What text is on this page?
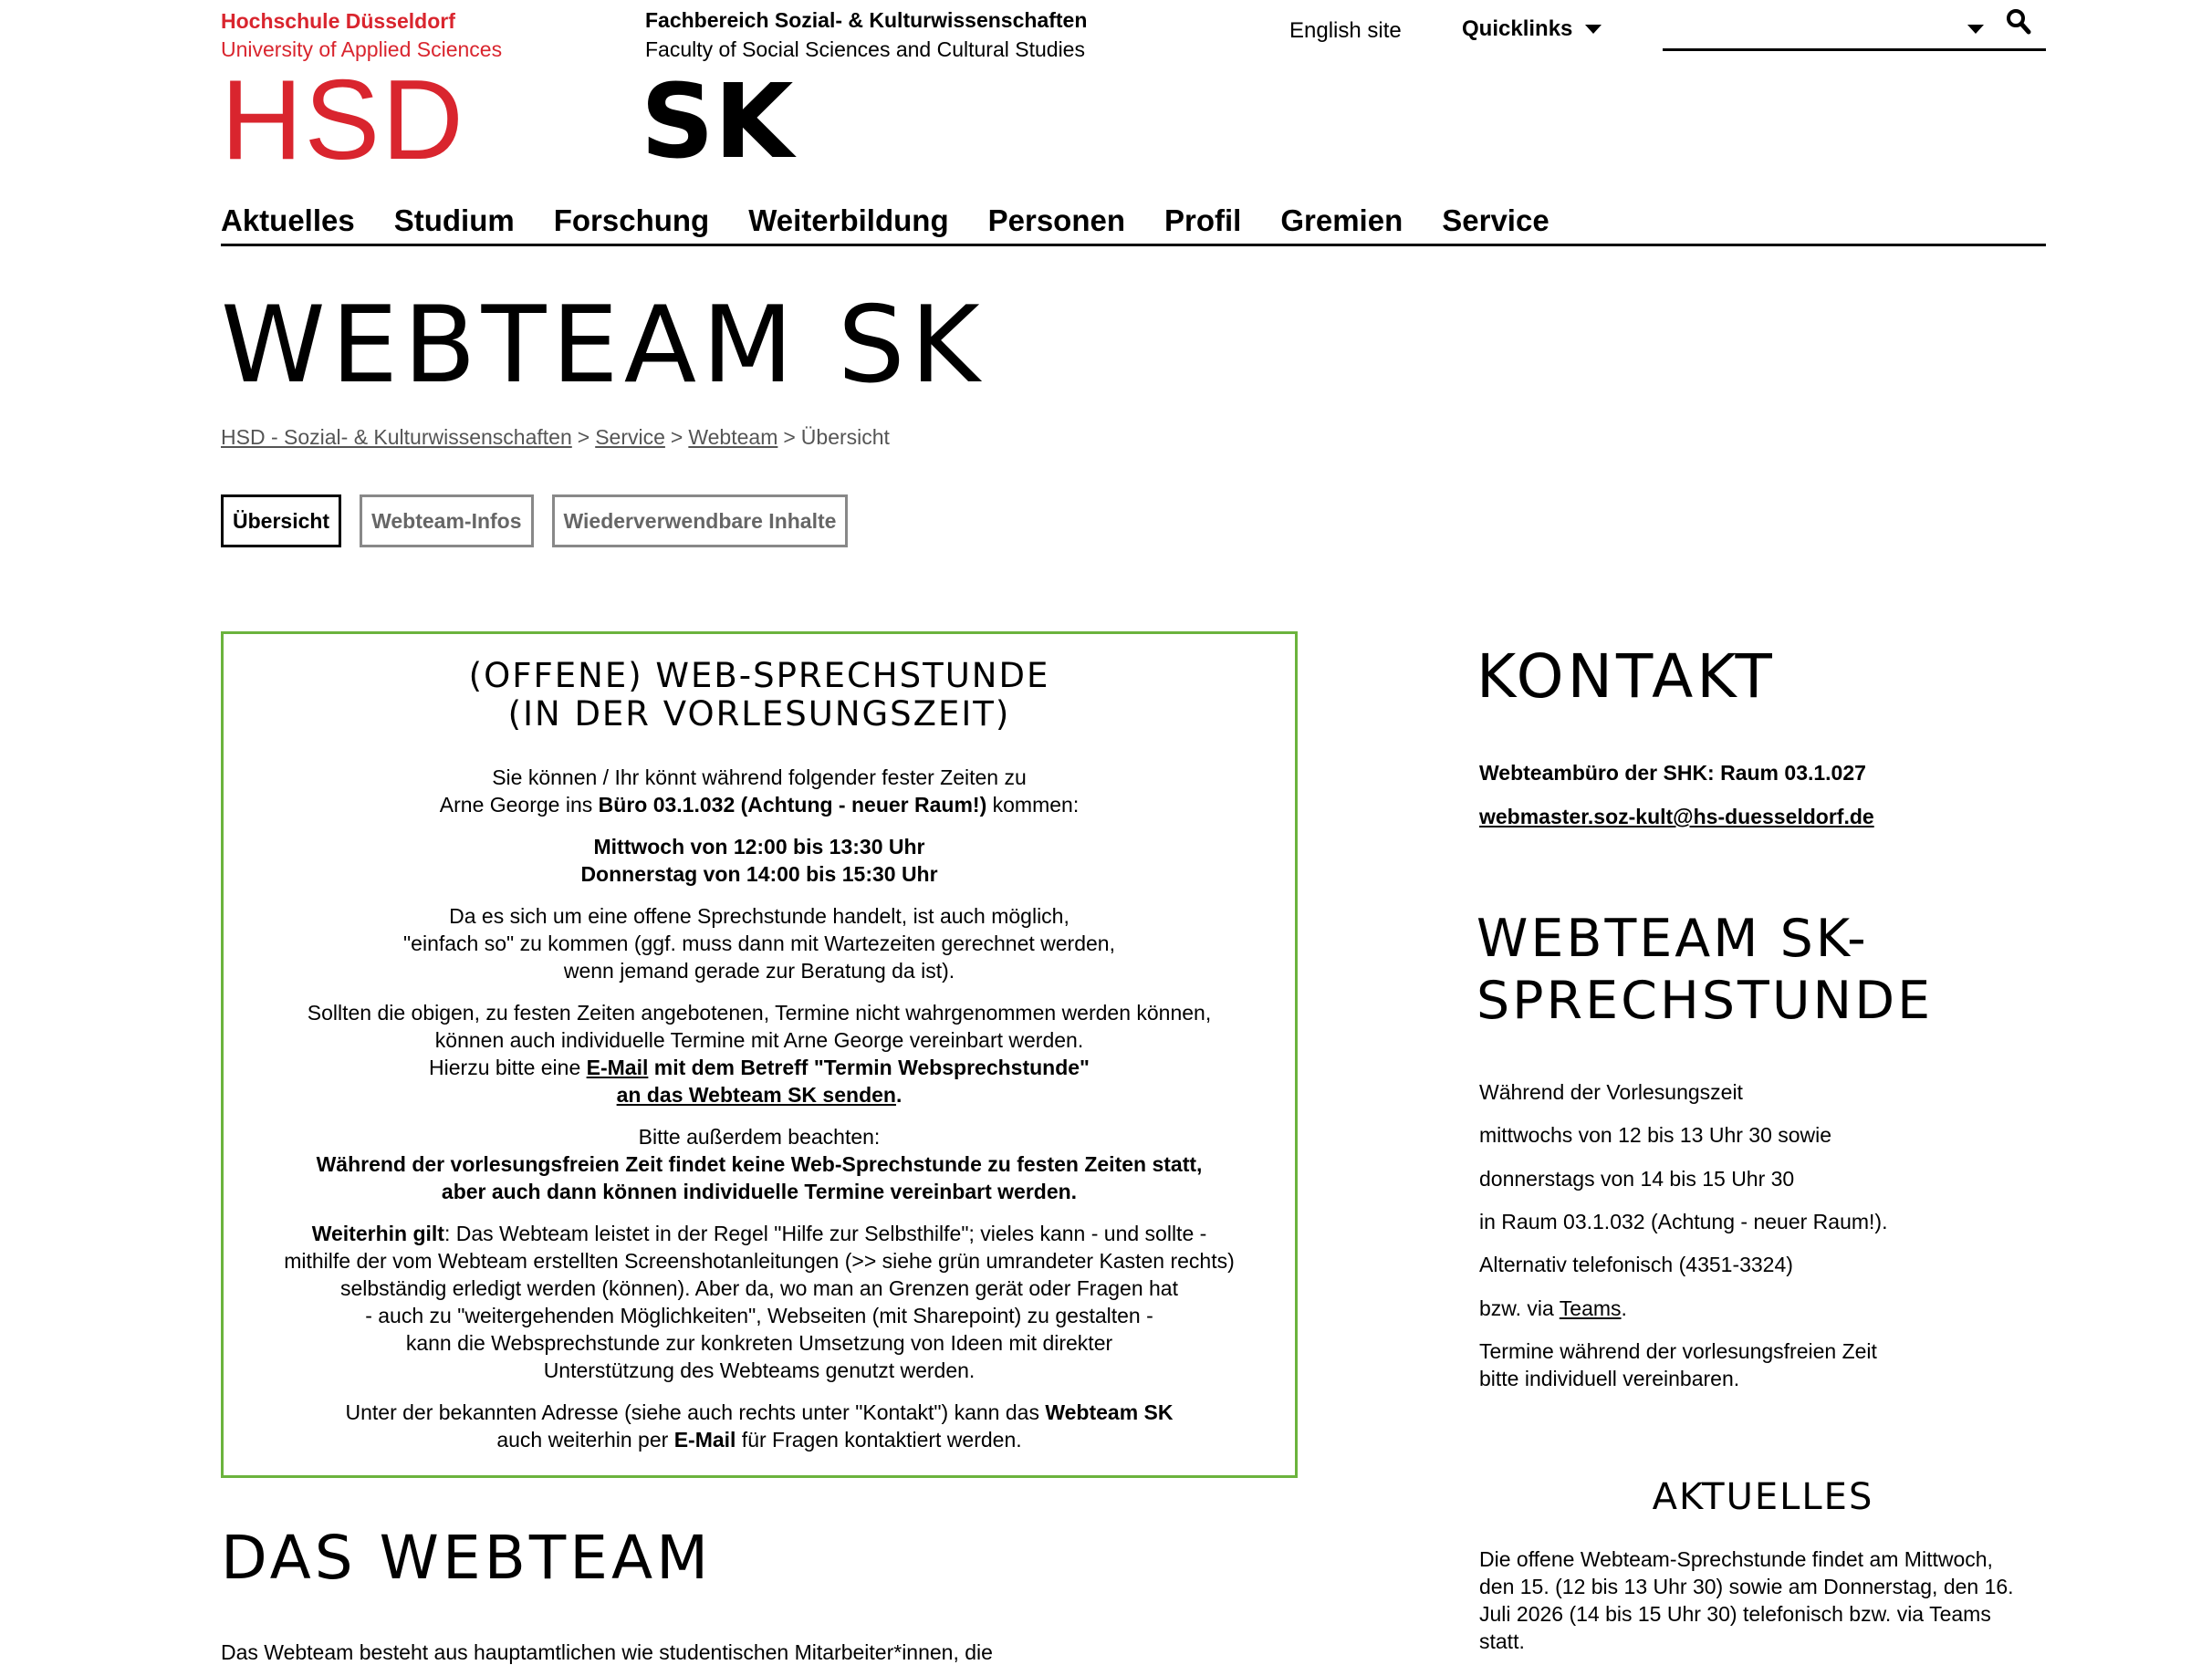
Hochschule Düsseldorf
University of Applied Sciences
HSD
Fachbereich Sozial- & Kulturwissenschaften
Faculty of Social Sciences and Cultural Studies
SK
English site	Quicklinks
Aktuelles Studium Forschung Weiterbildung Personen Profil Gremien Service
WEBTEAM SK
HSD - Sozial- & Kulturwissenschaften > Service > Webteam > Übersicht
Übersicht	Webteam-Infos	Wiederverwendbare Inhalte
(OFFENE) WEB-SPRECHSTUNDE
(IN DER VORLESUNGSZEIT)

Sie können / Ihr könnt während folgender fester Zeiten zu
Arne George ins Büro 03.1.032 (Achtung - neuer Raum!) kommen:

Mittwoch von 12:00 bis 13:30 Uhr
Donnerstag von 14:00 bis 15:30 Uhr

Da es sich um eine offene Sprechstunde handelt, ist auch möglich,
"einfach so" zu kommen (ggf. muss dann mit Wartezeiten gerechnet werden,
wenn jemand gerade zur Beratung da ist).

Sollten die obigen, zu festen Zeiten angebotenen, Termine nicht wahrgenommen werden können,
können auch individuelle Termine mit Arne George vereinbart werden.
Hierzu bitte eine E-Mail mit dem Betreff "Termin Websprechstunde"
an das Webteam SK senden.

Bitte außerdem beachten:
Während der vorlesungsfreien Zeit findet keine Web-Sprechstunde zu festen Zeiten statt,
aber auch dann können individuelle Termine vereinbart werden.

Weiterhin gilt: Das Webteam leistet in der Regel "Hilfe zur Selbsthilfe"; vieles kann - und sollte -
mithilfe der vom Webteam erstellten Screenshotanleitungen (>> siehe grün umrandeter Kasten rechts)
selbständig erledigt werden (können). Aber da, wo man an Grenzen gerät oder Fragen hat
- auch zu "weitergehenden Möglichkeiten", Webseiten (mit Sharepoint) zu gestalten -
kann die Websprechstunde zur konkreten Umsetzung von Ideen mit direkter
Unterstützung des Webteams genutzt werden.

Unter der bekannten Adresse (siehe auch rechts unter "Kontakt") kann das Webteam SK
auch weiterhin per E-Mail für Fragen kontaktiert werden.

DAS WEBTEAM
Das Webteam besteht aus hauptamtlichen wie studentischen Mitarbeiter*innen, die
KONTAKT
Webteambüro der SHK: Raum 03.1.027
webmaster.soz-kult@hs-duesseldorf.de
WEBTEAM SK-
SPRECHSTUNDE
Während der Vorlesungszeit
mittwochs von 12 bis 13 Uhr 30 sowie
donnerstags von 14 bis 15 Uhr 30
in Raum 03.1.032 (Achtung - neuer Raum!).
Alternativ telefonisch (4351-3324)
bzw. via Teams.
Termine während der vorlesungsfreien Zeit
bitte individuell vereinbaren.
AKTUELLES
Die offene Webteam-Sprechstunde findet am Mittwoch,
den 15. (12 bis 13 Uhr 30) sowie am Donnerstag, den 16.
Juli 2026 (14 bis 15 Uhr 30) telefonisch bzw. via Teams
statt.
